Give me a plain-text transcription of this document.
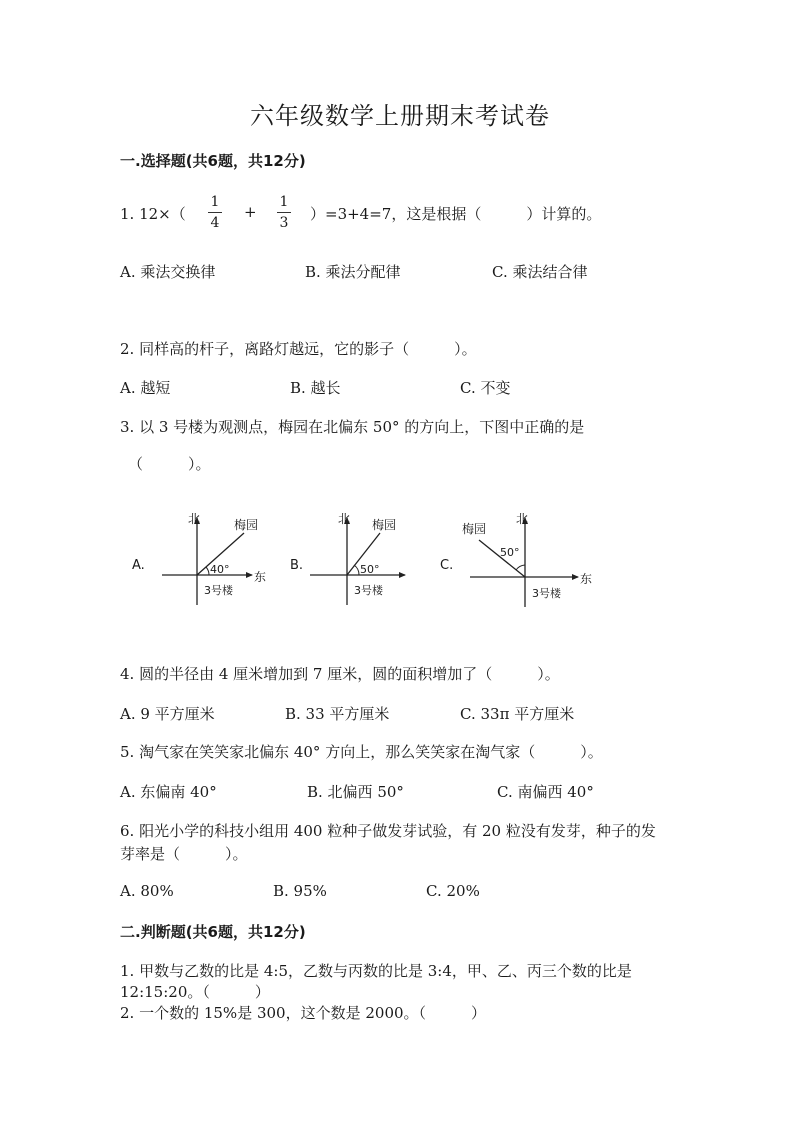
六年级数学上册期末考试卷
一.选择题(共6题，共12分)
1. 12×（
1
4
+
1
3	）=3+4=7，这是根据（　　　）计算的。
A. 乘法交换律	B. 乘法分配律	C. 乘法结合律
2. 同样高的杆子，离路灯越远，它的影子（　　　）。
A. 越短	B. 越长	C. 不变
3. 以 3 号楼为观测点，梅园在北偏东 50° 的方向上，下图中正确的是
（　　　）。
A.
北
东
梅园
40°
3号楼
B.
北 梅园
50°
3号楼
C.
北
东
梅园
50°
3号楼
4. 圆的半径由 4 厘米增加到 7 厘米，圆的面积增加了（　　　）。
A. 9 平方厘米	B. 33 平方厘米	C. 33π 平方厘米
5. 淘气家在笑笑家北偏东 40° 方向上，那么笑笑家在淘气家（　　　）。
A. 东偏南 40°	B. 北偏西 50°	C. 南偏西 40°
6. 阳光小学的科技小组用 400 粒种子做发芽试验，有 20 粒没有发芽，种子的发
芽率是（　　　）。
A. 80%	B. 95%	C. 20%
二.判断题(共6题，共12分)
1. 甲数与乙数的比是 4:5，乙数与丙数的比是 3:4，甲、乙、丙三个数的比是
12:15:20。（　　　）
2. 一个数的 15%是 300，这个数是 2000。（　　　）
